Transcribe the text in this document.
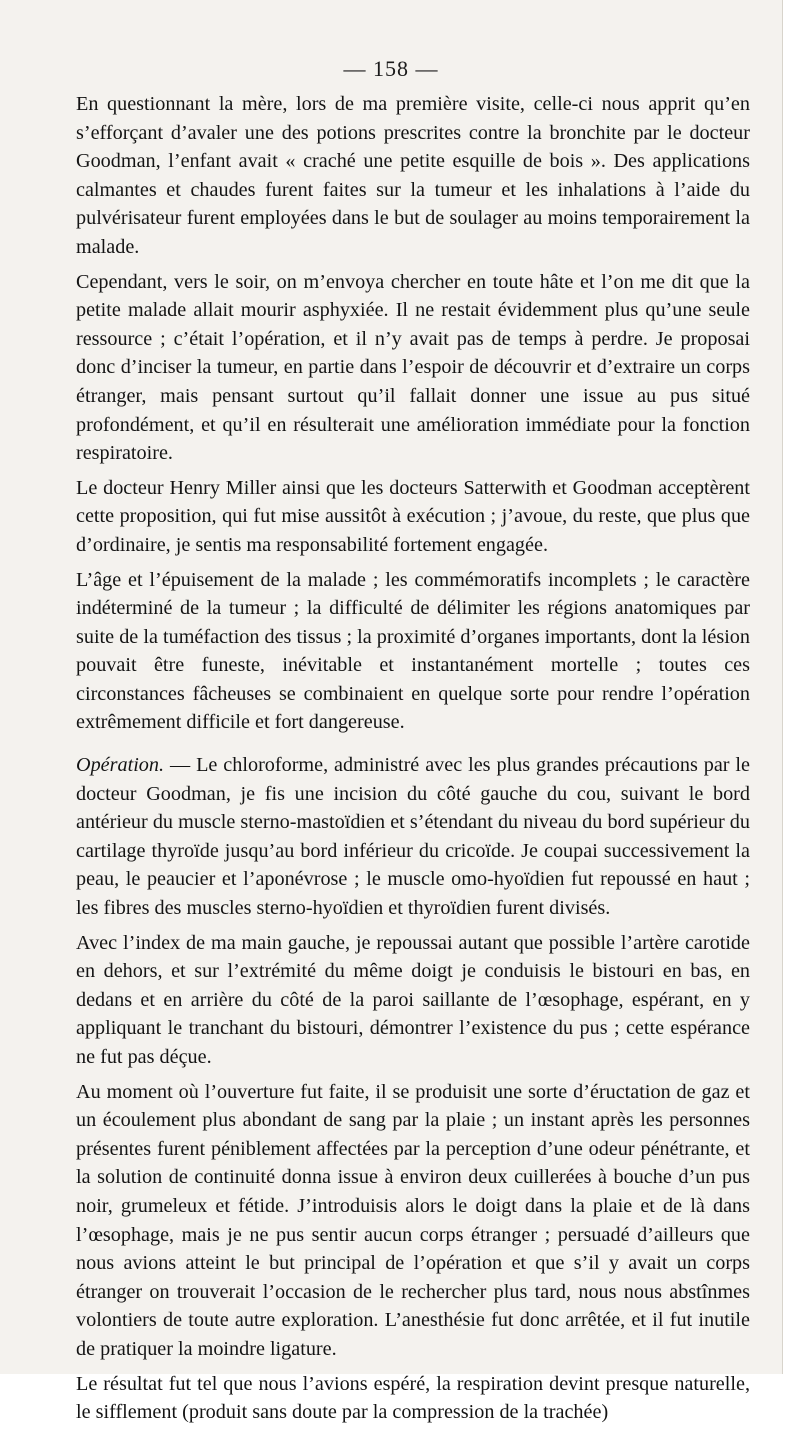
— 158 —

En questionnant la mère, lors de ma première visite, celle-ci nous apprit qu’en s’efforçant d’avaler une des potions prescrites contre la bronchite par le docteur Goodman, l’enfant avait « craché une petite esquille de bois ». Des applications calmantes et chaudes furent faites sur la tumeur et les inhalations à l’aide du pulvérisateur furent employées dans le but de soulager au moins temporairement la malade.

Cependant, vers le soir, on m’envoya chercher en toute hâte et l’on me dit que la petite malade allait mourir asphyxiée. Il ne restait évidemment plus qu’une seule ressource ; c’était l’opération, et il n’y avait pas de temps à perdre. Je proposai donc d’inciser la tumeur, en partie dans l’espoir de découvrir et d’extraire un corps étranger, mais pensant surtout qu’il fallait donner une issue au pus situé profondément, et qu’il en résulterait une amélioration immédiate pour la fonction respiratoire.

Le docteur Henry Miller ainsi que les docteurs Satterwith et Goodman acceptèrent cette proposition, qui fut mise aussitôt à exécution ; j’avoue, du reste, que plus que d’ordinaire, je sentis ma responsabilité fortement engagée.

L’âge et l’épuisement de la malade ; les commémoratifs incomplets ; le caractère indéterminé de la tumeur ; la difficulté de délimiter les régions anatomiques par suite de la tuméfaction des tissus ; la proximité d’organes importants, dont la lésion pouvait être funeste, inévitable et instantanément mortelle ; toutes ces circonstances fâcheuses se combinaient en quelque sorte pour rendre l’opération extrêmement difficile et fort dangereuse.

Opération. — Le chloroforme, administré avec les plus grandes précautions par le docteur Goodman, je fis une incision du côté gauche du cou, suivant le bord antérieur du muscle sterno-mastoïdien et s’étendant du niveau du bord supérieur du cartilage thyroïde jusqu’au bord inférieur du cricoïde. Je coupai successivement la peau, le peaucier et l’aponévrose ; le muscle omo-hyoïdien fut repoussé en haut ; les fibres des muscles sterno-hyoïdien et thyroïdien furent divisés.

Avec l’index de ma main gauche, je repoussai autant que possible l’artère carotide en dehors, et sur l’extrémité du même doigt je conduisis le bistouri en bas, en dedans et en arrière du côté de la paroi saillante de l’œsophage, espérant, en y appliquant le tranchant du bistouri, démontrer l’existence du pus ; cette espérance ne fut pas déçue.

Au moment où l’ouverture fut faite, il se produisit une sorte d’éructation de gaz et un écoulement plus abondant de sang par la plaie ; un instant après les personnes présentes furent péniblement affectées par la perception d’une odeur pénétrante, et la solution de continuité donna issue à environ deux cuillerées à bouche d’un pus noir, grumeleux et fétide. J’introduisis alors le doigt dans la plaie et de là dans l’œsophage, mais je ne pus sentir aucun corps étranger ; persuadé d’ailleurs que nous avions atteint le but principal de l’opération et que s’il y avait un corps étranger on trouverait l’occasion de le rechercher plus tard, nous nous abstînmes volontiers de toute autre exploration. L’anesthésie fut donc arrêtée, et il fut inutile de pratiquer la moindre ligature.

Le résultat fut tel que nous l’avions espéré, la respiration devint presque naturelle, le sifflement (produit sans doute par la compression de la trachée)
